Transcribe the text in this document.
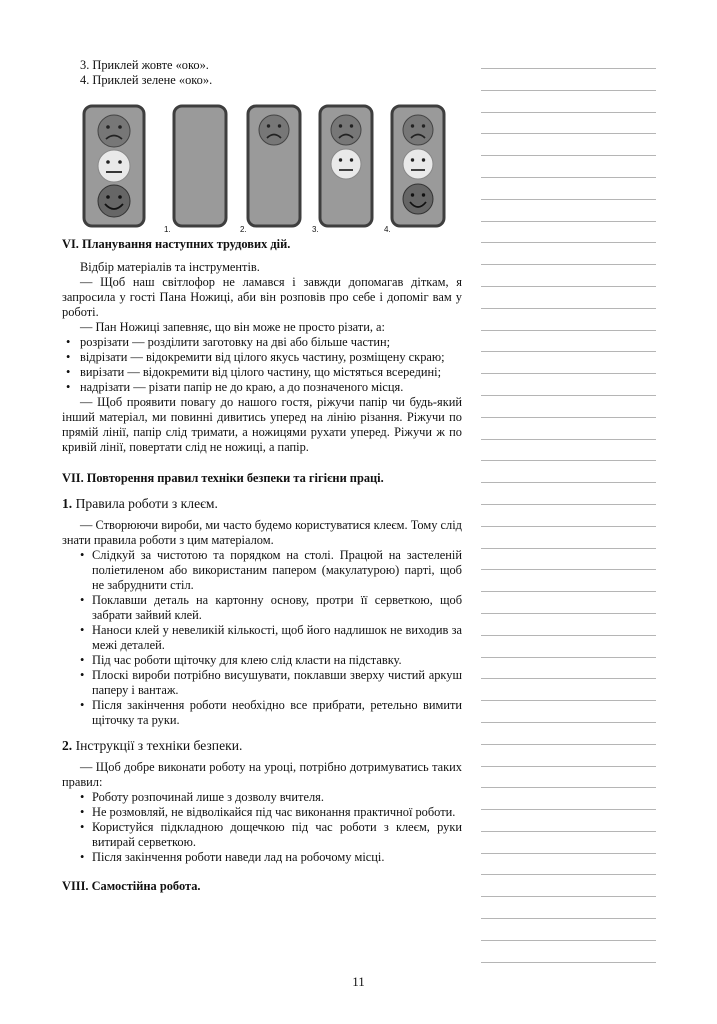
3. Приклей жовте «око».

4. Приклей зелене «око».

1.	2.	3.	4.

VI. Планування наступних трудових дій.

Відбір матеріалів та інструментів.

— Щоб наш світлофор не ламався і завжди допомагав діткам, я запросила у гості Пана Ножиці, аби він розповів про себе і допоміг вам у роботі.

— Пан Ножиці запевняє, що він може не просто різати, а:

• розрізати — розділити заготовку на дві або більше частин;
• відрізати — відокремити від цілого якусь частину, розміщену скраю;
• вирізати — відокремити від цілого частину, що містяться всередині;
• надрізати — різати папір не до краю, а до позначеного місця.

— Щоб проявити повагу до нашого гостя, ріжучи папір чи будь-який інший матеріал, ми повинні дивитись уперед на лінію різання. Ріжучи по прямій лінії, папір слід тримати, а ножицями рухати уперед. Ріжучи ж по кривій лінії, повертати слід не ножиці, а папір.

VII. Повторення правил техніки безпеки та гігієни праці.

1. Правила роботи з клеєм.

— Створюючи вироби, ми часто будемо користуватися клеєм. Тому слід знати правила роботи з цим матеріалом.

• Слідкуй за чистотою та порядком на столі. Працюй на застеленій поліетиленом або використаним папером (макулатурою) парті, щоб не забруднити стіл.
• Поклавши деталь на картонну основу, протри її серветкою, щоб забрати зайвий клей.
• Наноси клей у невеликій кількості, щоб його надлишок не виходив за межі деталей.
• Під час роботи щіточку для клею слід класти на підставку.
• Плоскі вироби потрібно висушувати, поклавши зверху чистий аркуш паперу і вантаж.
• Після закінчення роботи необхідно все прибрати, ретельно вимити щіточку та руки.

2. Інструкції з техніки безпеки.

— Щоб добре виконати роботу на уроці, потрібно дотримуватись таких правил:

• Роботу розпочинай лише з дозволу вчителя.
• Не розмовляй, не відволікайся під час виконання практичної роботи.
• Користуйся підкладною дощечкою під час роботи з клеєм, руки витирай серветкою.
• Після закінчення роботи наведи лад на робочому місці.

VIII. Самостійна робота.

11
